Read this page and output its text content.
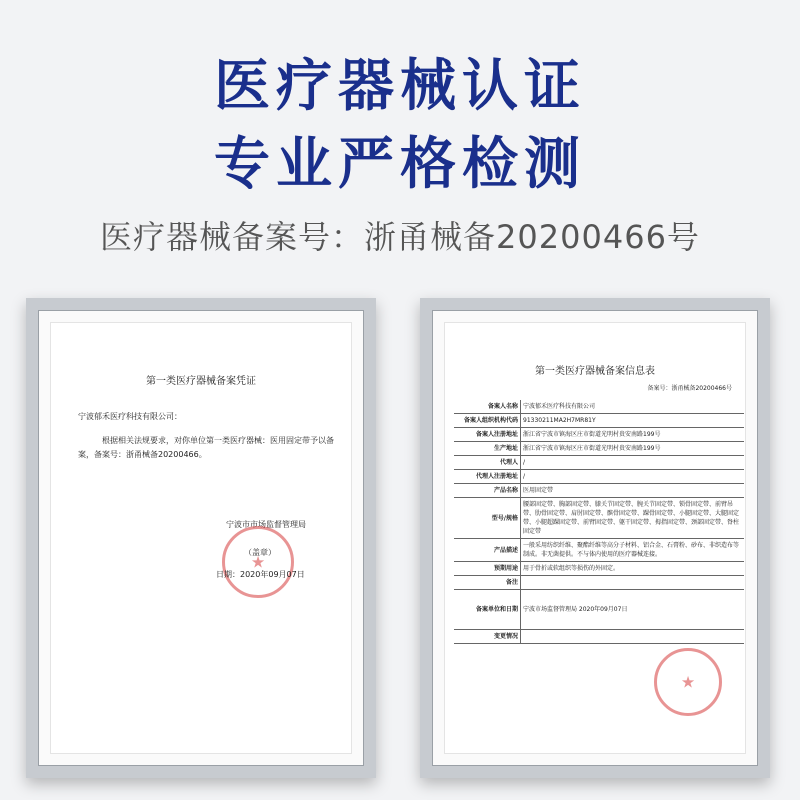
医疗器械认证
专业严格检测
医疗器械备案号：浙甬械备20200466号
第一类医疗器械备案凭证
宁波郁禾医疗科技有限公司：
根据相关法规要求，对你单位第一类医疗器械：医用固定带予以备
案，备案号：浙甬械备20200466。
宁波市市场监督管理局
（盖章）
★
日期：2020年09月07日
第一类医疗器械备案信息表
备案号：浙甬械备20200466号
备案人名称	宁波郁禾医疗科技有限公司
备案人组织机构代码	91330211MA2H7MR81Y
备案人注册地址	浙江省宁波市镇海区庄市街道光明村贵安南路199号
生产地址	浙江省宁波市镇海区庄市街道光明村贵安南路199号
代理人	/
代理人注册地址	/
产品名称	医用固定带
型号/规格	腰部固定带、胸部固定带、膝关节固定带、腕关节固定带、锁骨固定带、前臂吊带、肋骨固定带、肩肘固定带、髌骨固定带、踝骨固定带、小腿固定带、大腿固定带、小腿超踝固定带、前臂固定带、躯干固定带、拇指固定带、颈部固定带、脊柱固定带
产品描述	一般采用纺织纤维、聚酯纤维等高分子材料、铝合金、石膏粉、砂布、非织造布等制成。非无菌提供。不与体内使用的医疗器械连接。
预期用途	用于骨折或软组织等损伤的外固定。
备注	
备案单位和日期	宁波市场监督管理局 2020年09月07日
变更情况	
★
